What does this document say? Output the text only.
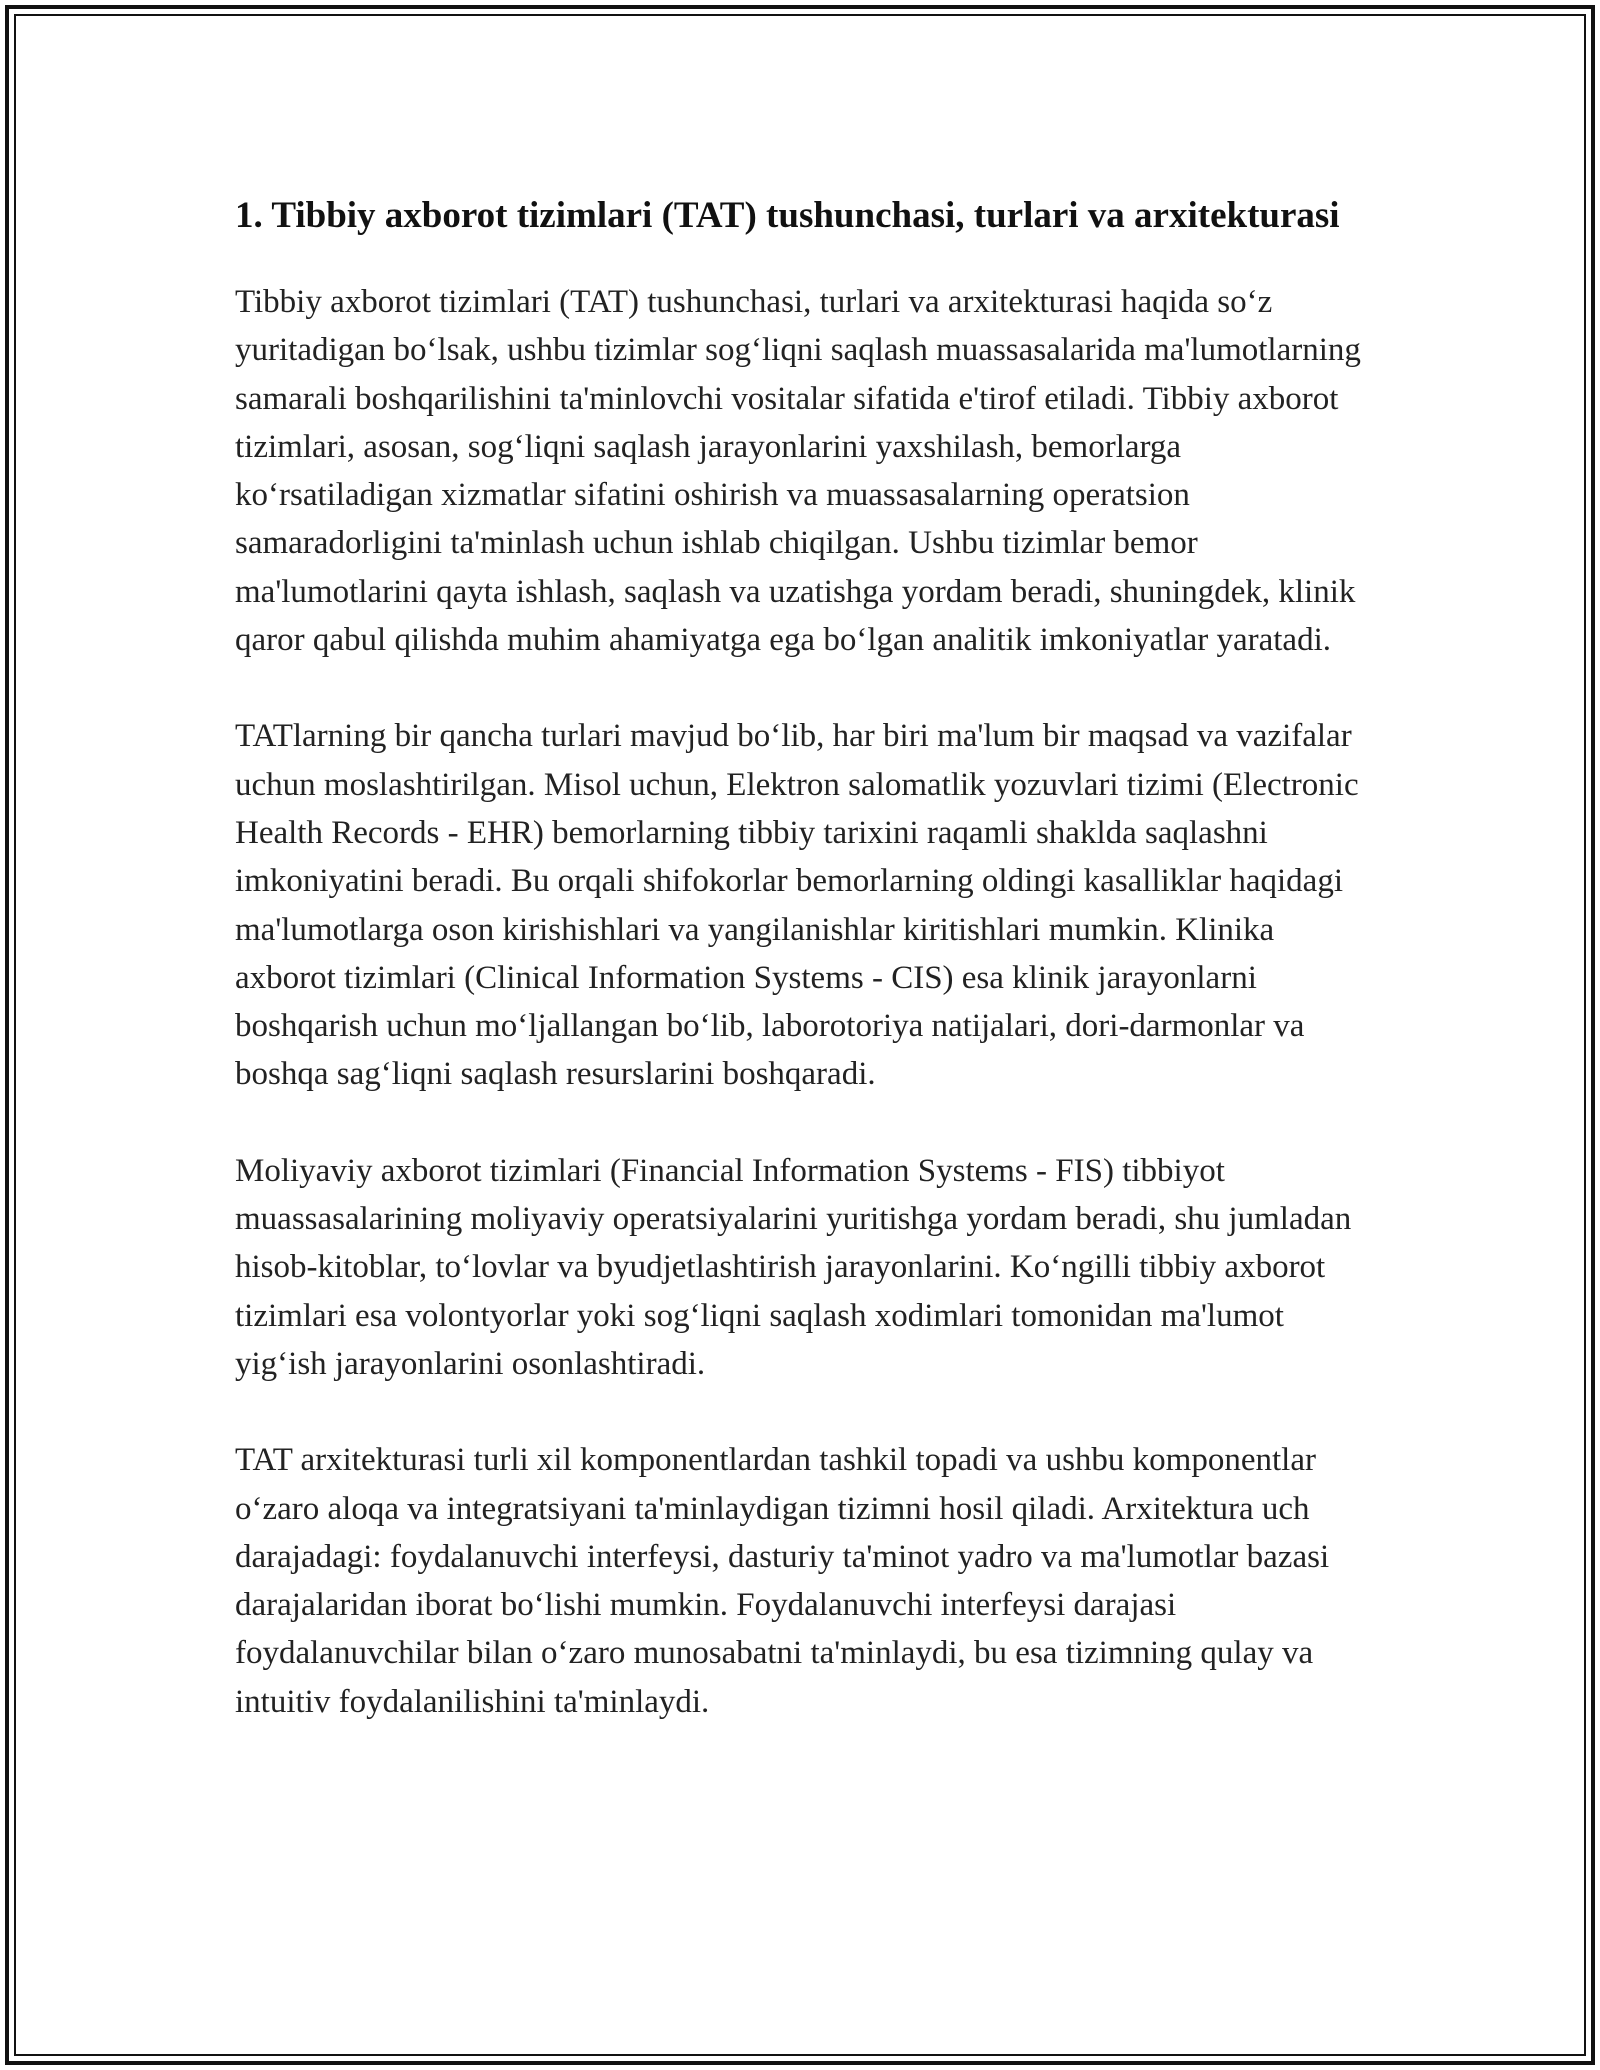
1. Tibbiy axborot tizimlari (TAT) tushunchasi, turlari va arxitekturasi

Tibbiy axborot tizimlari (TAT) tushunchasi, turlari va arxitekturasi haqida so‘z yuritadigan bo‘lsak, ushbu tizimlar sog‘liqni saqlash muassasalarida ma'lumotlarning samarali boshqarilishini ta'minlovchi vositalar sifatida e'tirof etiladi. Tibbiy axborot tizimlari, asosan, sog‘liqni saqlash jarayonlarini yaxshilash, bemorlarga ko‘rsatiladigan xizmatlar sifatini oshirish va muassasalarning operatsion samaradorligini ta'minlash uchun ishlab chiqilgan. Ushbu tizimlar bemor ma'lumotlarini qayta ishlash, saqlash va uzatishga yordam beradi, shuningdek, klinik qaror qabul qilishda muhim ahamiyatga ega bo‘lgan analitik imkoniyatlar yaratadi.

TATlarning bir qancha turlari mavjud bo‘lib, har biri ma'lum bir maqsad va vazifalar uchun moslashtirilgan. Misol uchun, Elektron salomatlik yozuvlari tizimi (Electronic Health Records - EHR) bemorlarning tibbiy tarixini raqamli shaklda saqlashni imkoniyatini beradi. Bu orqali shifokorlar bemorlarning oldingi kasalliklar haqidagi ma'lumotlarga oson kirishishlari va yangilanishlar kiritishlari mumkin. Klinika axborot tizimlari (Clinical Information Systems - CIS) esa klinik jarayonlarni boshqarish uchun mo‘ljallangan bo‘lib, laborotoriya natijalari, dori-darmonlar va boshqa sag‘liqni saqlash resurslarini boshqaradi.

Moliyaviy axborot tizimlari (Financial Information Systems - FIS) tibbiyot muassasalarining moliyaviy operatsiyalarini yuritishga yordam beradi, shu jumladan hisob-kitoblar, to‘lovlar va byudjetlashtirish jarayonlarini. Ko‘ngilli tibbiy axborot tizimlari esa volontyorlar yoki sog‘liqni saqlash xodimlari tomonidan ma'lumot yig‘ish jarayonlarini osonlashtiradi.

TAT arxitekturasi turli xil komponentlardan tashkil topadi va ushbu komponentlar o‘zaro aloqa va integratsiyani ta'minlaydigan tizimni hosil qiladi. Arxitektura uch darajadagi: foydalanuvchi interfeysi, dasturiy ta'minot yadro va ma'lumotlar bazasi darajalaridan iborat bo‘lishi mumkin. Foydalanuvchi interfeysi darajasi foydalanuvchilar bilan o‘zaro munosabatni ta'minlaydi, bu esa tizimning qulay va intuitiv foydalanilishini ta'minlaydi.
